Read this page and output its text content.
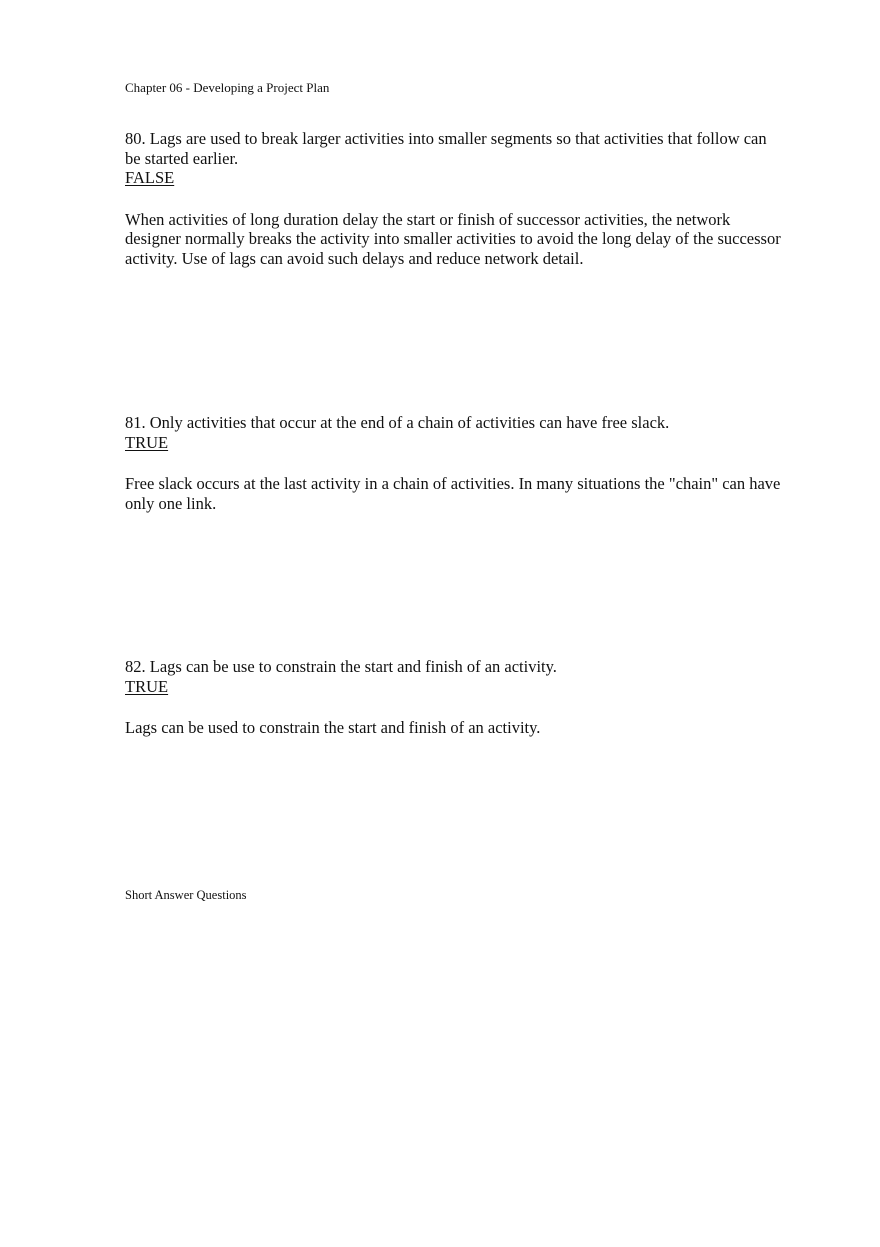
Chapter 06 - Developing a Project Plan

80. Lags are used to break larger activities into smaller segments so that activities that follow can be started earlier.

FALSE

When activities of long duration delay the start or finish of successor activities, the network designer normally breaks the activity into smaller activities to avoid the long delay of the successor activity. Use of lags can avoid such delays and reduce network detail.

81. Only activities that occur at the end of a chain of activities can have free slack.

TRUE

Free slack occurs at the last activity in a chain of activities. In many situations the "chain" can have only one link.

82. Lags can be use to constrain the start and finish of an activity.

TRUE

Lags can be used to constrain the start and finish of an activity.

Short Answer Questions
